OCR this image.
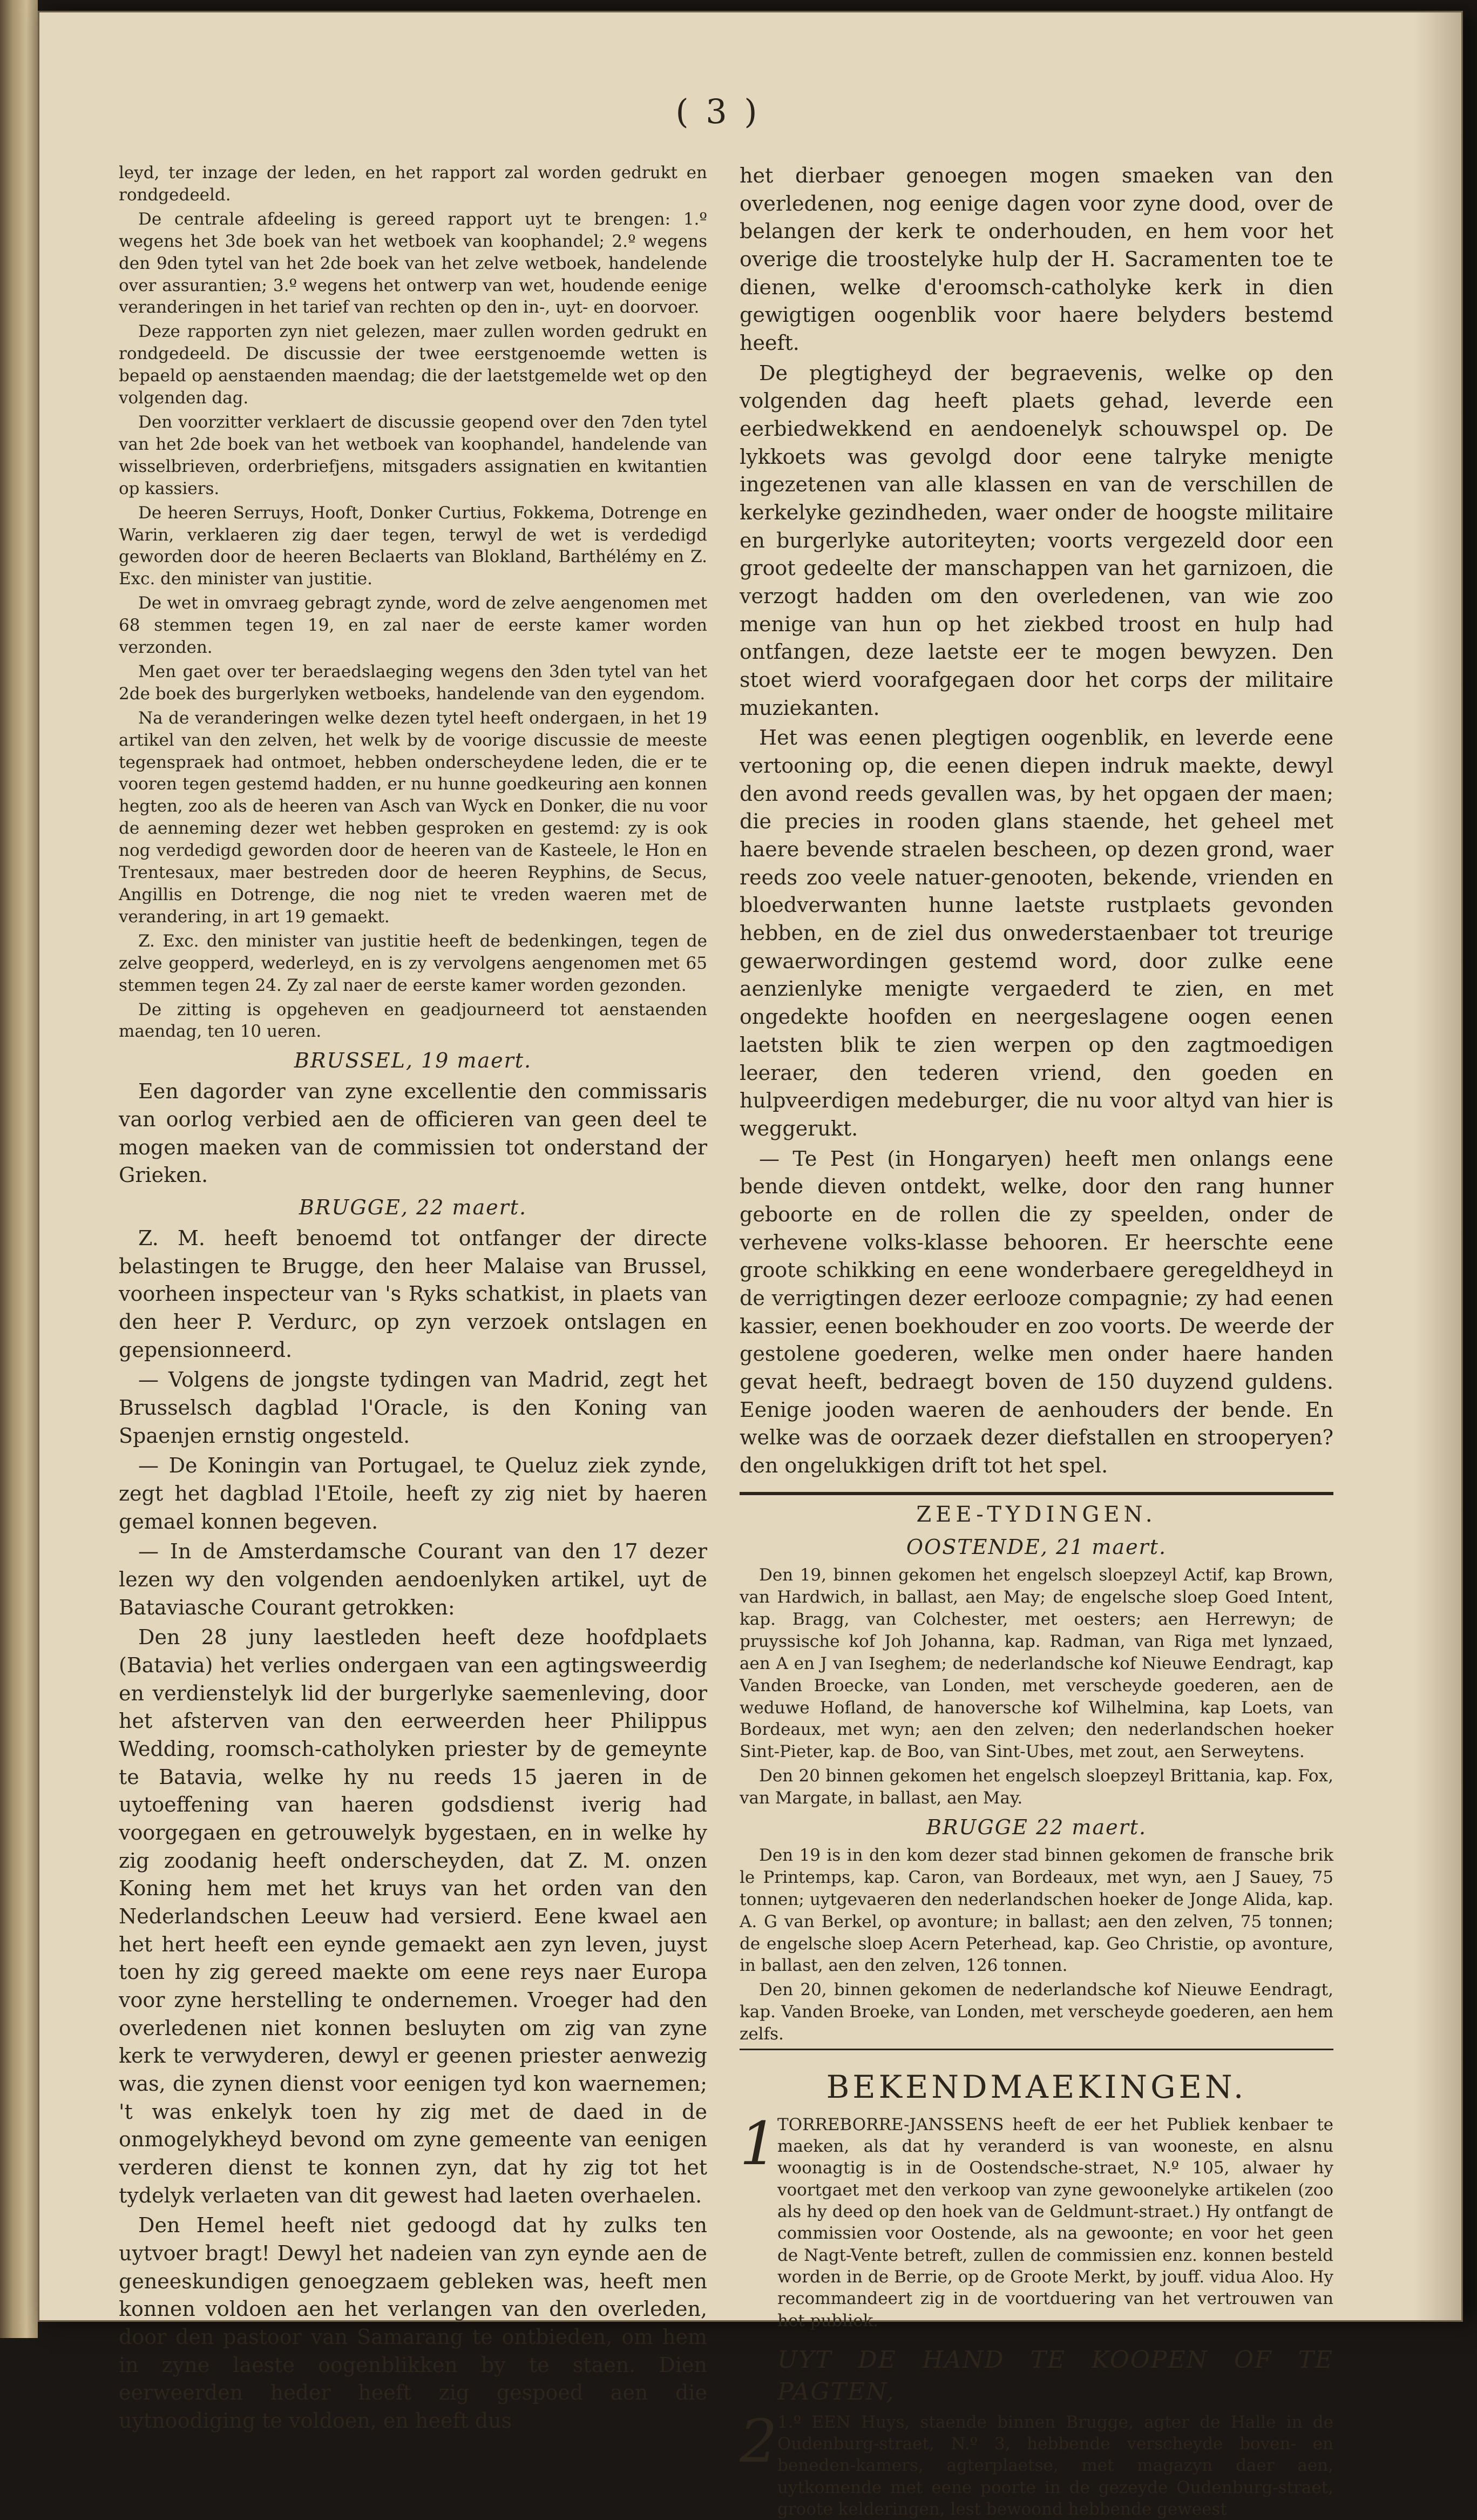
( 3 )

leyd, ter inzage der leden, en het rapport zal worden gedrukt en rondgedeeld.

De centrale afdeeling is gereed rapport uyt te brengen: 1.º wegens het 3de boek van het wetboek van koophandel; 2.º wegens den 9den tytel van het 2de boek van het zelve wetboek, handelende over assurantien; 3.º wegens het ontwerp van wet, houdende eenige veranderingen in het tarief van rechten op den in-, uyt- en doorvoer.

Deze rapporten zyn niet gelezen, maer zullen worden gedrukt en rondgedeeld. De discussie der twee eerstgenoemde wetten is bepaeld op aenstaenden maendag; die der laetstgemelde wet op den volgenden dag.

Den voorzitter verklaert de discussie geopend over den 7den tytel van het 2de boek van het wetboek van koophandel, handelende van wisselbrieven, orderbriefjens, mitsgaders assignatien en kwitantien op kassiers.

De heeren Serruys, Hooft, Donker Curtius, Fokkema, Dotrenge en Warin, verklaeren zig daer tegen, terwyl de wet is verdedigd geworden door de heeren Beclaerts van Blokland, Barthélémy en Z. Exc. den minister van justitie.

De wet in omvraeg gebragt zynde, word de zelve aengenomen met 68 stemmen tegen 19, en zal naer de eerste kamer worden verzonden.

Men gaet over ter beraedslaeging wegens den 3den tytel van het 2de boek des burgerlyken wetboeks, handelende van den eygendom.

Na de veranderingen welke dezen tytel heeft ondergaen, in het 19 artikel van den zelven, het welk by de voorige discussie de meeste tegenspraek had ontmoet, hebben onderscheydene leden, die er te vooren tegen gestemd hadden, er nu hunne goedkeuring aen konnen hegten, zoo als de heeren van Asch van Wyck en Donker, die nu voor de aenneming dezer wet hebben gesproken en gestemd: zy is ook nog verdedigd geworden door de heeren van de Kasteele, le Hon en Trentesaux, maer bestreden door de heeren Reyphins, de Secus, Angillis en Dotrenge, die nog niet te vreden waeren met de verandering, in art 19 gemaekt.

Z. Exc. den minister van justitie heeft de bedenkingen, tegen de zelve geopperd, wederleyd, en is zy vervolgens aengenomen met 65 stemmen tegen 24. Zy zal naer de eerste kamer worden gezonden.

De zitting is opgeheven en geadjourneerd tot aenstaenden maendag, ten 10 ueren.

BRUSSEL, 19 maert.

Een dagorder van zyne excellentie den commissaris van oorlog verbied aen de officieren van geen deel te mogen maeken van de commissien tot onderstand der Grieken.

BRUGGE, 22 maert.

Z. M. heeft benoemd tot ontfanger der directe belastingen te Brugge, den heer Malaise van Brussel, voorheen inspecteur van 's Ryks schatkist, in plaets van den heer P. Verdurc, op zyn verzoek ontslagen en gepensionneerd.

— Volgens de jongste tydingen van Madrid, zegt het Brusselsch dagblad l'Oracle, is den Koning van Spaenjen ernstig ongesteld.

— De Koningin van Portugael, te Queluz ziek zynde, zegt het dagblad l'Etoile, heeft zy zig niet by haeren gemael konnen begeven.

— In de Amsterdamsche Courant van den 17 dezer lezen wy den volgenden aendoenlyken artikel, uyt de Bataviasche Courant getrokken:

Den 28 juny laestleden heeft deze hoofdplaets (Batavia) het verlies ondergaen van een agtingsweerdig en verdienstelyk lid der burgerlyke saemenleving, door het afsterven van den eerweerden heer Philippus Wedding, roomsch-catholyken priester by de gemeynte te Batavia, welke hy nu reeds 15 jaeren in de uytoeffening van haeren godsdienst iverig had voorgegaen en getrouwelyk bygestaen, en in welke hy zig zoodanig heeft onderscheyden, dat Z. M. onzen Koning hem met het kruys van het orden van den Nederlandschen Leeuw had versierd. Eene kwael aen het hert heeft een eynde gemaekt aen zyn leven, juyst toen hy zig gereed maekte om eene reys naer Europa voor zyne herstelling te ondernemen. Vroeger had den overledenen niet konnen besluyten om zig van zyne kerk te verwyderen, dewyl er geenen priester aenwezig was, die zynen dienst voor eenigen tyd kon waernemen; 't was enkelyk toen hy zig met de daed in de onmogelykheyd bevond om zyne gemeente van eenigen verderen dienst te konnen zyn, dat hy zig tot het tydelyk verlaeten van dit gewest had laeten overhaelen.

Den Hemel heeft niet gedoogd dat hy zulks ten uytvoer bragt! Dewyl het nadeien van zyn eynde aen de geneeskundigen genoegzaem gebleken was, heeft men konnen voldoen aen het verlangen van den overleden, door den pastoor van Samarang te ontbieden, om hem in zyne laeste oogenblikken by te staen. Dien eerweerden heder heeft zig gespoed aen die uytnoodiging te voldoen, en heeft dus

het dierbaer genoegen mogen smaeken van den overledenen, nog eenige dagen voor zyne dood, over de belangen der kerk te onderhouden, en hem voor het overige die troostelyke hulp der H. Sacramenten toe te dienen, welke d'eroomsch-catholyke kerk in dien gewigtigen oogenblik voor haere belyders bestemd heeft.

De plegtigheyd der begraevenis, welke op den volgenden dag heeft plaets gehad, leverde een eerbiedwekkend en aendoenelyk schouwspel op. De lykkoets was gevolgd door eene talryke menigte ingezetenen van alle klassen en van de verschillen de kerkelyke gezindheden, waer onder de hoogste militaire en burgerlyke autoriteyten; voorts vergezeld door een groot gedeelte der manschappen van het garnizoen, die verzogt hadden om den overledenen, van wie zoo menige van hun op het ziekbed troost en hulp had ontfangen, deze laetste eer te mogen bewyzen. Den stoet wierd voorafgegaen door het corps der militaire muziekanten.

Het was eenen plegtigen oogenblik, en leverde eene vertooning op, die eenen diepen indruk maekte, dewyl den avond reeds gevallen was, by het opgaen der maen; die precies in rooden glans staende, het geheel met haere bevende straelen bescheen, op dezen grond, waer reeds zoo veele natuer-genooten, bekende, vrienden en bloedverwanten hunne laetste rustplaets gevonden hebben, en de ziel dus onwederstaenbaer tot treurige gewaerwordingen gestemd word, door zulke eene aenzienlyke menigte vergaederd te zien, en met ongedekte hoofden en neergeslagene oogen eenen laetsten blik te zien werpen op den zagtmoedigen leeraer, den tederen vriend, den goeden en hulpveerdigen medeburger, die nu voor altyd van hier is weggerukt.

— Te Pest (in Hongaryen) heeft men onlangs eene bende dieven ontdekt, welke, door den rang hunner geboorte en de rollen die zy speelden, onder de verhevene volks-klasse behooren. Er heerschte eene groote schikking en eene wonderbaere geregeldheyd in de verrigtingen dezer eerlooze compagnie; zy had eenen kassier, eenen boekhouder en zoo voorts. De weerde der gestolene goederen, welke men onder haere handen gevat heeft, bedraegt boven de 150 duyzend guldens. Eenige jooden waeren de aenhouders der bende. En welke was de oorzaek dezer diefstallen en strooperyen? den ongelukkigen drift tot het spel.

ZEE-TYDINGEN.
OOSTENDE, 21 maert.

Den 19, binnen gekomen het engelsch sloepzeyl Actif, kap Brown, van Hardwich, in ballast, aen May; de engelsche sloep Goed Intent, kap. Bragg, van Colchester, met oesters; aen Herrewyn; de pruyssische kof Joh Johanna, kap. Radman, van Riga met lynzaed, aen A en J van Iseghem; de nederlandsche kof Nieuwe Eendragt, kap Vanden Broecke, van Londen, met verscheyde goederen, aen de weduwe Hofland, de hanoversche kof Wilhelmina, kap Loets, van Bordeaux, met wyn; aen den zelven; den nederlandschen hoeker Sint-Pieter, kap. de Boo, van Sint-Ubes, met zout, aen Serweytens.

Den 20 binnen gekomen het engelsch sloepzeyl Brittania, kap. Fox, van Margate, in ballast, aen May.

BRUGGE 22 maert.

Den 19 is in den kom dezer stad binnen gekomen de fransche brik le Printemps, kap. Caron, van Bordeaux, met wyn, aen J Sauey, 75 tonnen; uytgevaeren den nederlandschen hoeker de Jonge Alida, kap. A. G van Berkel, op avonture; in ballast; aen den zelven, 75 tonnen; de engelsche sloep Acern Peterhead, kap. Geo Christie, op avonture, in ballast, aen den zelven, 126 tonnen.

Den 20, binnen gekomen de nederlandsche kof Nieuwe Eendragt, kap. Vanden Broeke, van Londen, met verscheyde goederen, aen hem zelfs.

BEKENDMAEKINGEN.
1 TORREBORRE-JANSSENS heeft de eer het Publiek kenbaer te maeken, als dat hy veranderd is van wooneste, en alsnu woonagtig is in de Oostendsche-straet, N.º 105, alwaer hy voortgaet met den verkoop van zyne gewoonelyke artikelen (zoo als hy deed op den hoek van de Geldmunt-straet.) Hy ontfangt de commissien voor Oostende, als na gewoonte; en voor het geen de Nagt-Vente betreft, zullen de commissien enz. konnen besteld worden in de Berrie, op de Groote Merkt, by jouff. vidua Aloo. Hy recommandeert zig in de voortduering van het vertrouwen van het publiek.

UYT DE HAND TE KOOPEN OF TE PAGTEN,
2 1.º EEN Huys, staende binnen Brugge, agter de Halle in de Oudenburg-straet, N.º 3, hebbende verscheyde boven- en beneden-kamers, agterplaetse, met magazyn daer aen, uytkomende met eene poorte in de gezeyde Oudenburg-straet, groote kelderingen, lest bewoond hebbende geweest
